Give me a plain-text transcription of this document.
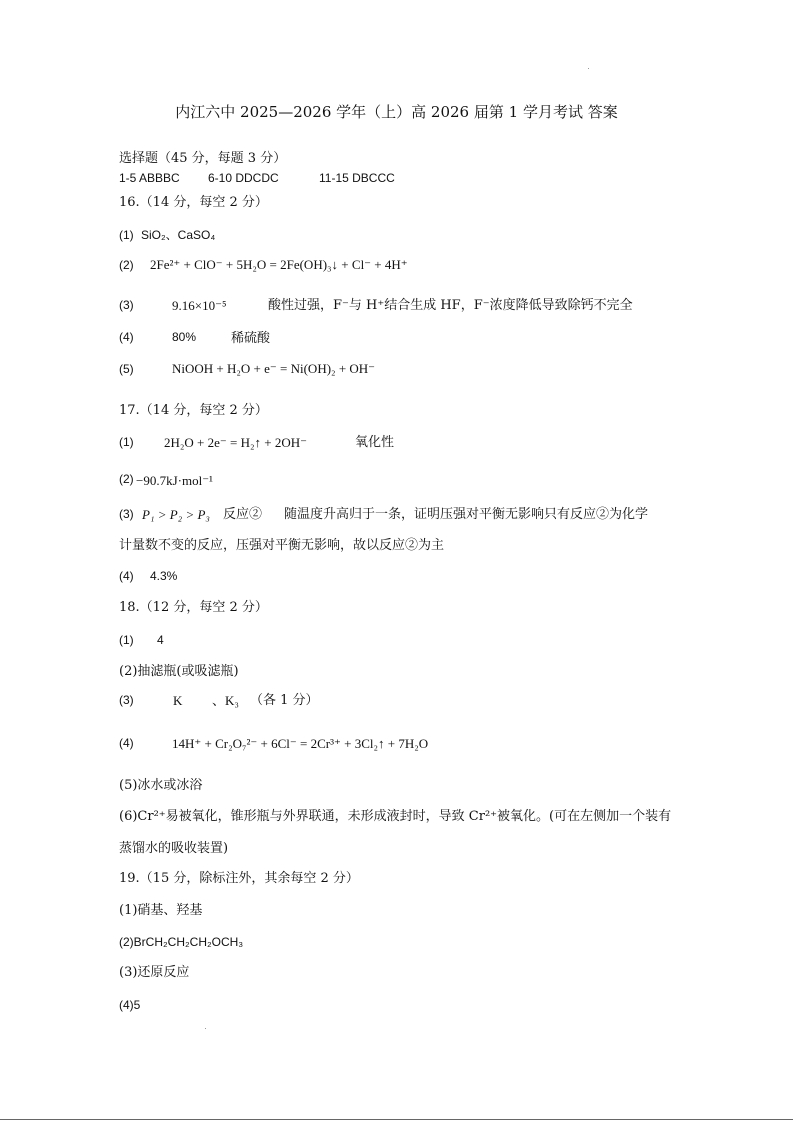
内江六中 2025—2026 学年（上）高 2026 届第 1 学月考试 答案
选择题（45 分，每题 3 分）
1-5 ABBBC 6-10 DDCDC	11-15 DBCCC
16.（14 分，每空 2 分）
(1) SiO₂、CaSO₄
(2) 2Fe²⁺ + ClO⁻ + 5H₂O = 2Fe(OH)₃↓ + Cl⁻ + 4H⁺
(3)	9.16×10⁻⁵	酸性过强，F⁻与 H⁺结合生成 HF，F⁻浓度降低导致除钙不完全
(4)	80%	稀硫酸
(5)	NiOOH + H₂O + e⁻ = Ni(OH)₂ + OH⁻
17.（14 分，每空 2 分）
(1) 2H₂O + 2e⁻ = H₂↑ + 2OH⁻	氧化性
(2) −90.7kJ·mol⁻¹
(3) P₁ > P₂ > P₃ 反应② 随温度升高归于一条，证明压强对平衡无影响只有反应②为化学
计量数不变的反应，压强对平衡无影响，故以反应②为主
(4) 4.3%
18.（12 分，每空 2 分）
(1) 4
(2)抽滤瓶(或吸滤瓶)
(3)	K 、K₃ （各 1 分）
(4)	14H⁺ + Cr₂O₇²⁻ + 6Cl⁻ = 2Cr³⁺ + 3Cl₂↑ + 7H₂O
(5)冰水或冰浴
(6)Cr²⁺易被氧化，锥形瓶与外界联通，未形成液封时，导致 Cr²⁺被氧化。(可在左侧加一个装有
蒸馏水的吸收装置)
19.（15 分，除标注外，其余每空 2 分）
(1)硝基、羟基
(2)BrCH₂CH₂CH₂OCH₃
(3)还原反应
(4)5
